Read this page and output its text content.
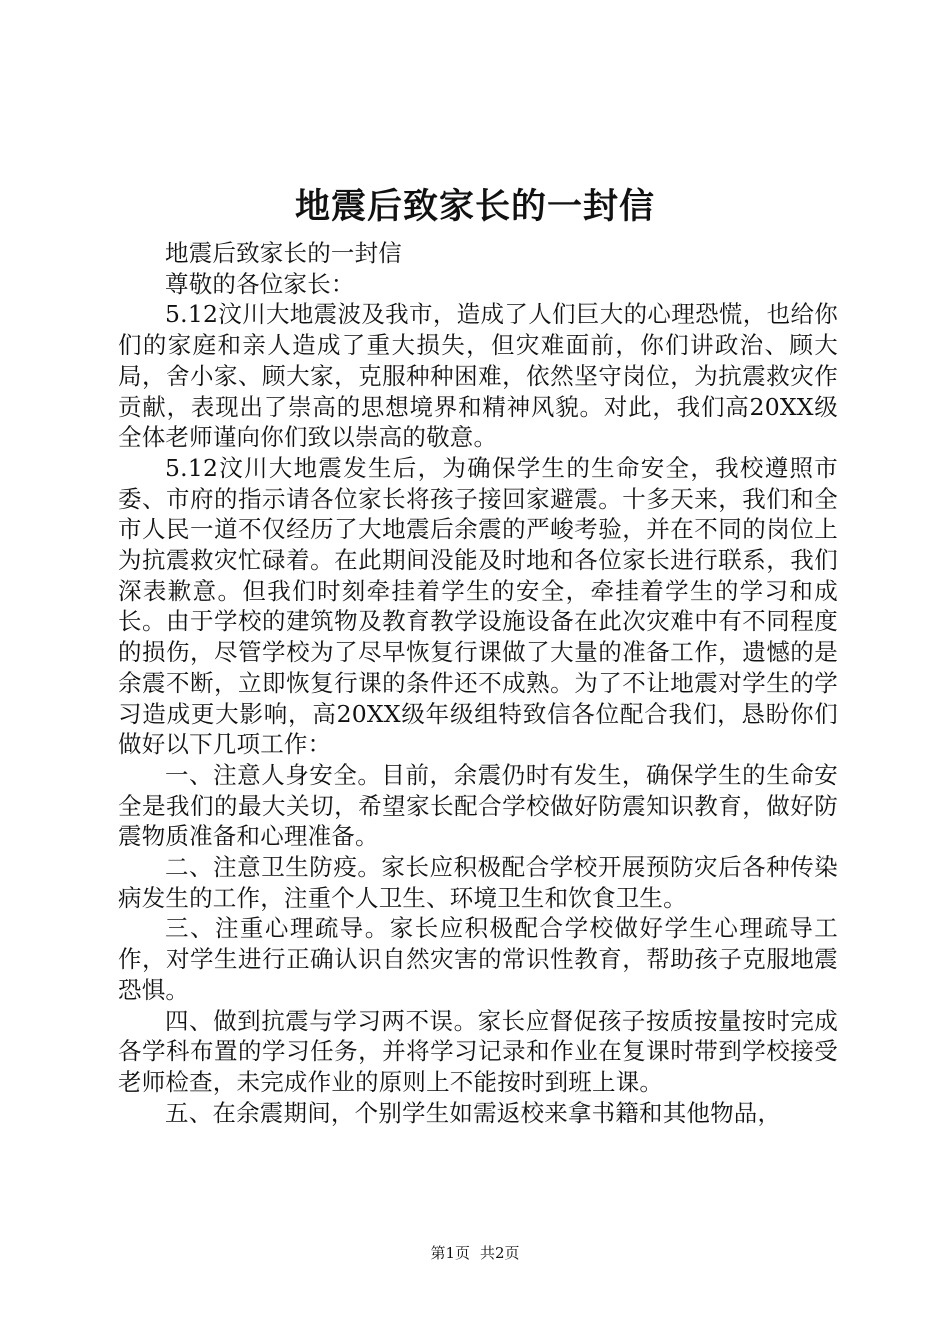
地震后致家长的一封信

地震后致家长的一封信

尊敬的各位家长：

5.12汶川大地震波及我市，造成了人们巨大的心理恐慌，也给你们的家庭和亲人造成了重大损失，但灾难面前，你们讲政治、顾大局，舍小家、顾大家，克服种种困难，依然坚守岗位，为抗震救灾作贡献，表现出了崇高的思想境界和精神风貌。对此，我们高20XX级全体老师谨向你们致以崇高的敬意。

5.12汶川大地震发生后，为确保学生的生命安全，我校遵照市委、市府的指示请各位家长将孩子接回家避震。十多天来，我们和全市人民一道不仅经历了大地震后余震的严峻考验，并在不同的岗位上为抗震救灾忙碌着。在此期间没能及时地和各位家长进行联系，我们深表歉意。但我们时刻牵挂着学生的安全，牵挂着学生的学习和成长。由于学校的建筑物及教育教学设施设备在此次灾难中有不同程度的损伤，尽管学校为了尽早恢复行课做了大量的准备工作，遗憾的是余震不断，立即恢复行课的条件还不成熟。为了不让地震对学生的学习造成更大影响，高20XX级年级组特致信各位配合我们，恳盼你们做好以下几项工作：

一、注意人身安全。目前，余震仍时有发生，确保学生的生命安全是我们的最大关切，希望家长配合学校做好防震知识教育，做好防震物质准备和心理准备。

二、注意卫生防疫。家长应积极配合学校开展预防灾后各种传染病发生的工作，注重个人卫生、环境卫生和饮食卫生。

三、注重心理疏导。家长应积极配合学校做好学生心理疏导工作，对学生进行正确认识自然灾害的常识性教育，帮助孩子克服地震恐惧。

四、做到抗震与学习两不误。家长应督促孩子按质按量按时完成各学科布置的学习任务，并将学习记录和作业在复课时带到学校接受老师检查，未完成作业的原则上不能按时到班上课。

五、在余震期间，个别学生如需返校来拿书籍和其他物品，

第1页 共2页
